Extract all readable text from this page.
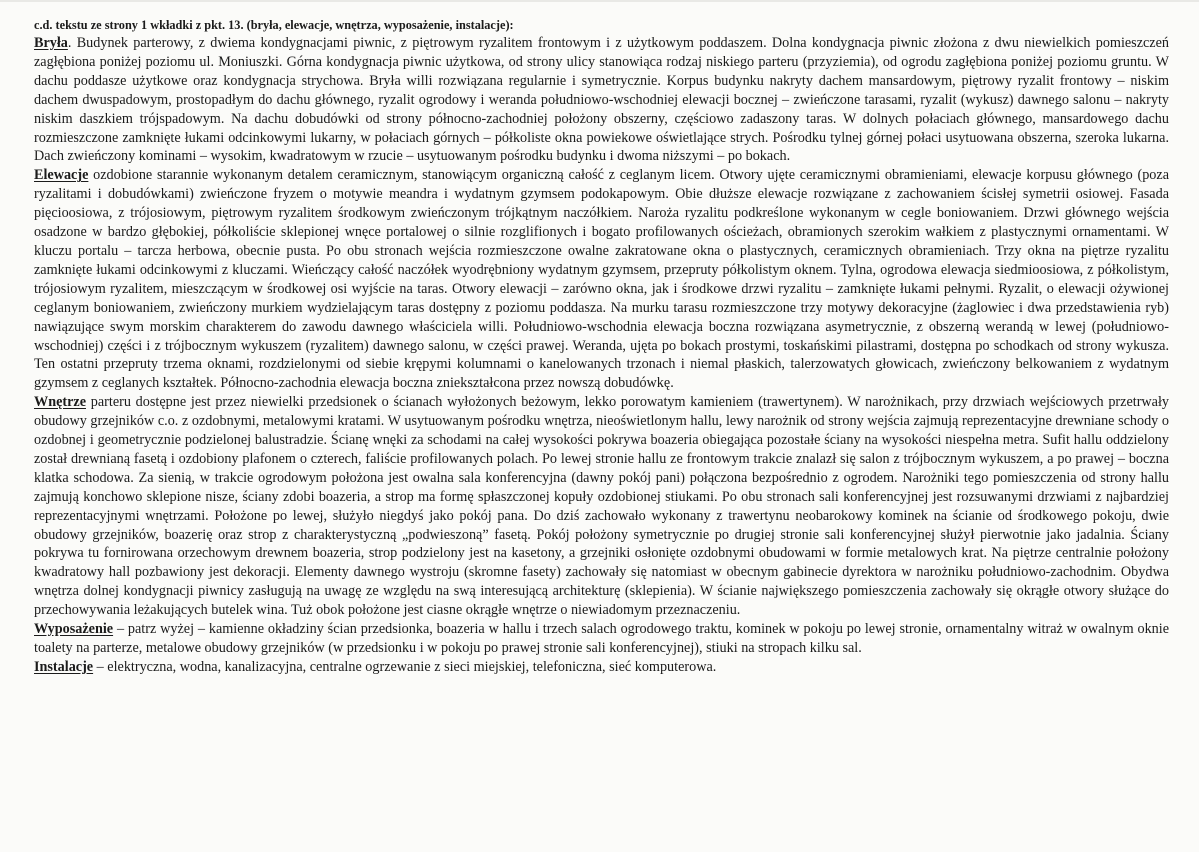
c.d. tekstu ze strony 1 wkładki z pkt. 13. (bryła, elewacje, wnętrza, wyposażenie, instalacje):

Bryła. Budynek parterowy, z dwiema kondygnacjami piwnic, z piętrowym ryzalitem frontowym i z użytkowym poddaszem. Dolna kondygnacja piwnic złożona z dwu niewielkich pomieszczeń zagłębiona poniżej poziomu ul. Moniuszki. Górna kondygnacja piwnic użytkowa, od strony ulicy stanowiąca rodzaj niskiego parteru (przyziemia), od ogrodu zagłębiona poniżej poziomu gruntu. W dachu poddasze użytkowe oraz kondygnacja strychowa. Bryła willi rozwiązana regularnie i symetrycznie. Korpus budynku nakryty dachem mansardowym, piętrowy ryzalit frontowy – niskim dachem dwuspadowym, prostopadłym do dachu głównego, ryzalit ogrodowy i weranda południowo-wschodniej elewacji bocznej – zwieńczone tarasami, ryzalit (wykusz) dawnego salonu – nakryty niskim daszkiem trójspadowym. Na dachu dobudówki od strony północno-zachodniej położony obszerny, częściowo zadaszony taras. W dolnych połaciach głównego, mansardowego dachu rozmieszczone zamknięte łukami odcinkowymi lukarny, w połaciach górnych – półkoliste okna powiekowe oświetlające strych. Pośrodku tylnej górnej połaci usytuowana obszerna, szeroka lukarna. Dach zwieńczony kominami – wysokim, kwadratowym w rzucie – usytuowanym pośrodku budynku i dwoma niższymi – po bokach.

Elewacje ozdobione starannie wykonanym detalem ceramicznym, stanowiącym organiczną całość z ceglanym licem. Otwory ujęte ceramicznymi obramieniami, elewacje korpusu głównego (poza ryzalitami i dobudówkami) zwieńczone fryzem o motywie meandra i wydatnym gzymsem podokapowym. Obie dłuższe elewacje rozwiązane z zachowaniem ścisłej symetrii osiowej. Fasada pięcioosiowa, z trójosiowym, piętrowym ryzalitem środkowym zwieńczonym trójkątnym naczółkiem. Naroża ryzalitu podkreślone wykonanym w cegle boniowaniem. Drzwi głównego wejścia osadzone w bardzo głębokiej, półkoliście sklepionej wnęce portalowej o silnie rozglifionych i bogato profilowanych ościeżach, obramionych szerokim wałkiem z plastycznymi ornamentami. W kluczu portalu – tarcza herbowa, obecnie pusta. Po obu stronach wejścia rozmieszczone owalne zakratowane okna o plastycznych, ceramicznych obramieniach. Trzy okna na piętrze ryzalitu zamknięte łukami odcinkowymi z kluczami. Wieńczący całość naczółek wyodrębniony wydatnym gzymsem, przepruty półkolistym oknem. Tylna, ogrodowa elewacja siedmioosiowa, z półkolistym, trójosiowym ryzalitem, mieszczącym w środkowej osi wyjście na taras. Otwory elewacji – zarówno okna, jak i środkowe drzwi ryzalitu – zamknięte łukami pełnymi. Ryzalit, o elewacji ożywionej ceglanym boniowaniem, zwieńczony murkiem wydzielającym taras dostępny z poziomu poddasza. Na murku tarasu rozmieszczone trzy motywy dekoracyjne (żaglowiec i dwa przedstawienia ryb) nawiązujące swym morskim charakterem do zawodu dawnego właściciela willi. Południowo-wschodnia elewacja boczna rozwiązana asymetrycznie, z obszerną werandą w lewej (południowo-wschodniej) części i z trójbocznym wykuszem (ryzalitem) dawnego salonu, w części prawej. Weranda, ujęta po bokach prostymi, toskańskimi pilastrami, dostępna po schodkach od strony wykusza. Ten ostatni przepruty trzema oknami, rozdzielonymi od siebie krępymi kolumnami o kanelowanych trzonach i niemal płaskich, talerzowatych głowicach, zwieńczony belkowaniem z wydatnym gzymsem z ceglanych kształtek. Północno-zachodnia elewacja boczna zniekształcona przez nowszą dobudówkę.

Wnętrze parteru dostępne jest przez niewielki przedsionek o ścianach wyłożonych beżowym, lekko porowatym kamieniem (trawertynem). W narożnikach, przy drzwiach wejściowych przetrwały obudowy grzejników c.o. z ozdobnymi, metalowymi kratami. W usytuowanym pośrodku wnętrza, nieoświetlonym hallu, lewy narożnik od strony wejścia zajmują reprezentacyjne drewniane schody o ozdobnej i geometrycznie podzielonej balustradzie. Ścianę wnęki za schodami na całej wysokości pokrywa boazeria obiegająca pozostałe ściany na wysokości niespełna metra. Sufit hallu oddzielony został drewnianą fasetą i ozdobiony plafonem o czterech, faliście profilowanych polach. Po lewej stronie hallu ze frontowym trakcie znalazł się salon z trójbocznym wykuszem, a po prawej – boczna klatka schodowa. Za sienią, w trakcie ogrodowym położona jest owalna sala konferencyjna (dawny pokój pani) połączona bezpośrednio z ogrodem. Narożniki tego pomieszczenia od strony hallu zajmują konchowo sklepione nisze, ściany zdobi boazeria, a strop ma formę spłaszczonej kopuły ozdobionej stiukami. Po obu stronach sali konferencyjnej jest rozsuwanymi drzwiami z najbardziej reprezentacyjnymi wnętrzami. Położone po lewej, służyło niegdyś jako pokój pana. Do dziś zachowało wykonany z trawertynu neobarokowy kominek na ścianie od środkowego pokoju, dwie obudowy grzejników, boazerię oraz strop z charakterystyczną „podwieszoną” fasetą. Pokój położony symetrycznie po drugiej stronie sali konferencyjnej służył pierwotnie jako jadalnia. Ściany pokrywa tu fornirowana orzechowym drewnem boazeria, strop podzielony jest na kasetony, a grzejniki osłonięte ozdobnymi obudowami w formie metalowych krat. Na piętrze centralnie położony kwadratowy hall pozbawiony jest dekoracji. Elementy dawnego wystroju (skromne fasety) zachowały się natomiast w obecnym gabinecie dyrektora w narożniku południowo-zachodnim. Obydwa wnętrza dolnej kondygnacji piwnicy zasługują na uwagę ze względu na swą interesującą architekturę (sklepienia). W ścianie największego pomieszczenia zachowały się okrągłe otwory służące do przechowywania leżakujących butelek wina. Tuż obok położone jest ciasne okrągłe wnętrze o niewiadomym przeznaczeniu.

Wyposażenie – patrz wyżej – kamienne okładziny ścian przedsionka, boazeria w hallu i trzech salach ogrodowego traktu, kominek w pokoju po lewej stronie, ornamentalny witraż w owalnym oknie toalety na parterze, metalowe obudowy grzejników (w przedsionku i w pokoju po prawej stronie sali konferencyjnej), stiuki na stropach kilku sal.

Instalacje – elektryczna, wodna, kanalizacyjna, centralne ogrzewanie z sieci miejskiej, telefoniczna, sieć komputerowa.
